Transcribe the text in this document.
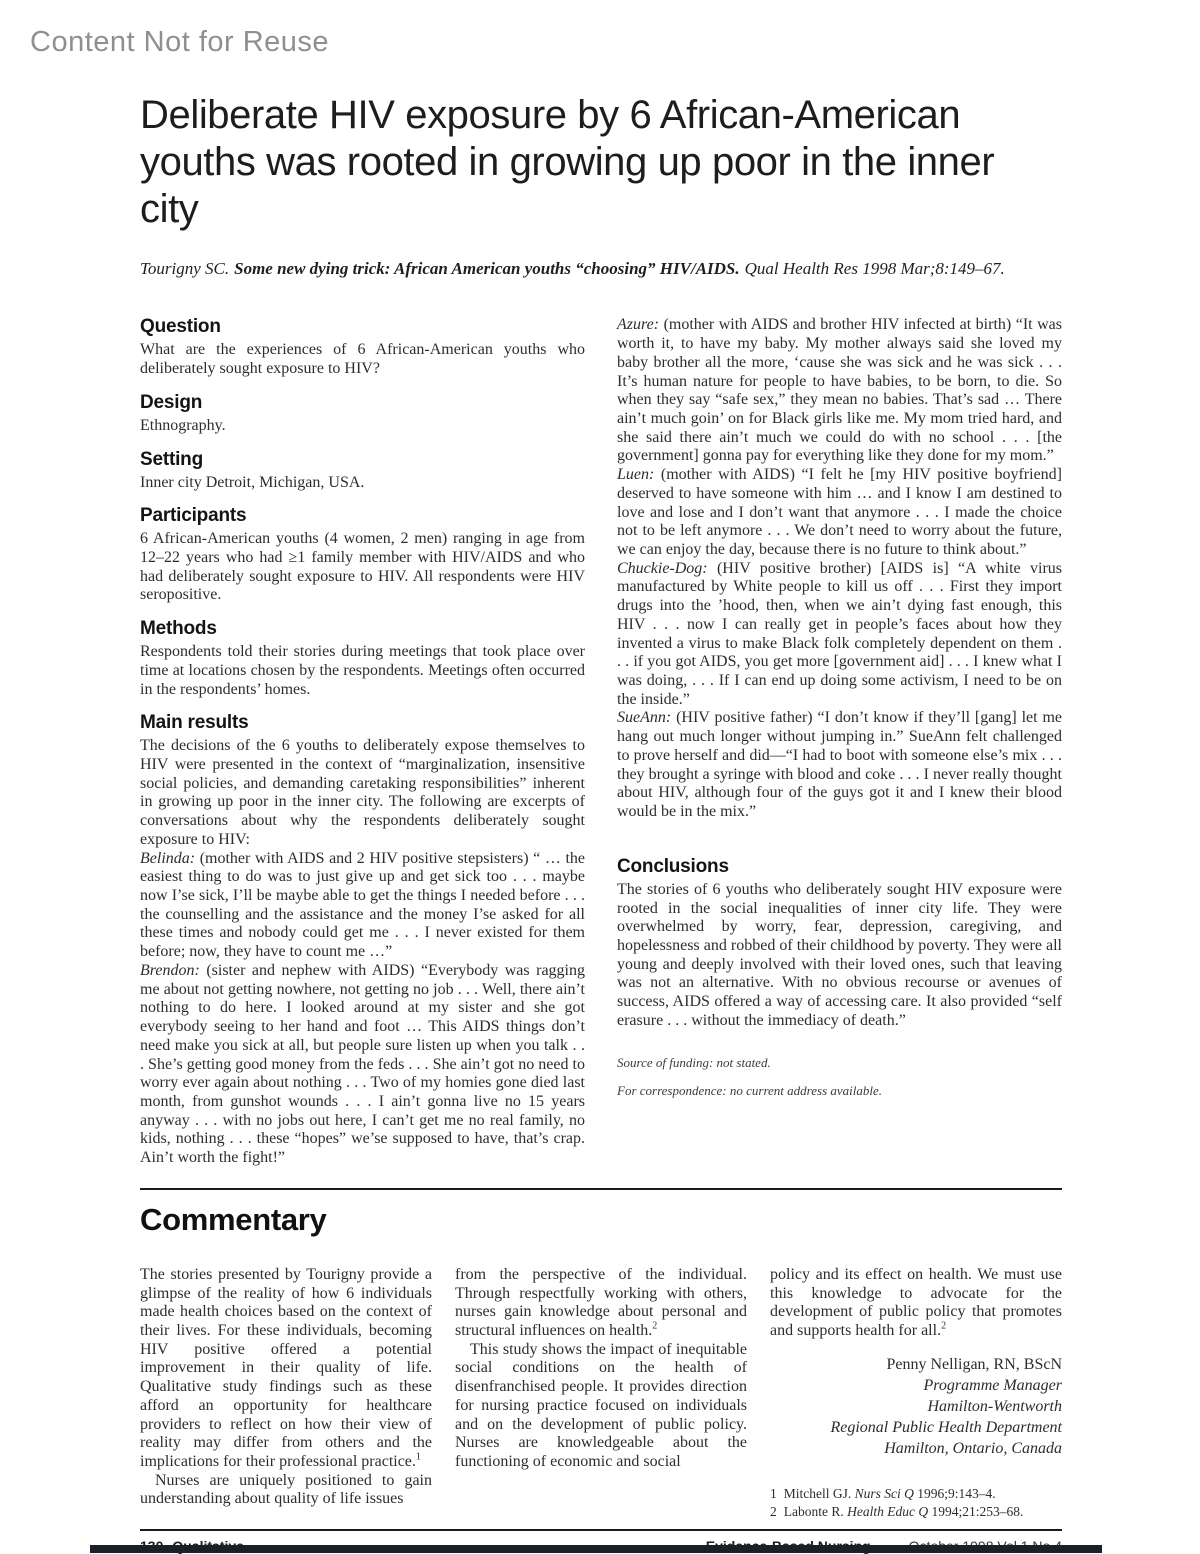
Content Not for Reuse
Deliberate HIV exposure by 6 African-American youths was rooted in growing up poor in the inner city

Tourigny SC. Some new dying trick: African American youths “choosing” HIV/AIDS. Qual Health Res 1998 Mar;8:149–67.

Question

What are the experiences of 6 African-American youths who deliberately sought exposure to HIV?

Design

Ethnography.

Setting

Inner city Detroit, Michigan, USA.

Participants

6 African-American youths (4 women, 2 men) ranging in age from 12–22 years who had ≥1 family member with HIV/AIDS and who had deliberately sought exposure to HIV. All respondents were HIV seropositive.

Methods

Respondents told their stories during meetings that took place over time at locations chosen by the respondents. Meetings often occurred in the respondents’ homes.

Main results

The decisions of the 6 youths to deliberately expose themselves to HIV were presented in the context of “marginalization, insensitive social policies, and demanding caretaking responsibilities” inherent in growing up poor in the inner city. The following are excerpts of conversations about why the respondents deliberately sought exposure to HIV:

Belinda: (mother with AIDS and 2 HIV positive stepsisters) “ … the easiest thing to do was to just give up and get sick too . . . maybe now I’se sick, I’ll be maybe able to get the things I needed before . . . the counselling and the assistance and the money I’se asked for all these times and nobody could get me . . . I never existed for them before; now, they have to count me …”

Brendon: (sister and nephew with AIDS) “Everybody was ragging me about not getting nowhere, not getting no job . . . Well, there ain’t nothing to do here. I looked around at my sister and she got everybody seeing to her hand and foot … This AIDS things don’t need make you sick at all, but people sure listen up when you talk . . . She’s getting good money from the feds . . . She ain’t got no need to worry ever again about nothing . . . Two of my homies gone died last month, from gunshot wounds . . . I ain’t gonna live no 15 years anyway . . . with no jobs out here, I can’t get me no real family, no kids, nothing . . . these “hopes” we’se supposed to have, that’s crap. Ain’t worth the fight!”

Azure: (mother with AIDS and brother HIV infected at birth) “It was worth it, to have my baby. My mother always said she loved my baby brother all the more, ‘cause she was sick and he was sick . . . It’s human nature for people to have babies, to be born, to die. So when they say “safe sex,” they mean no babies. That’s sad … There ain’t much goin’ on for Black girls like me. My mom tried hard, and she said there ain’t much we could do with no school . . . [the government] gonna pay for everything like they done for my mom.”

Luen: (mother with AIDS) “I felt he [my HIV positive boyfriend] deserved to have someone with him … and I know I am destined to love and lose and I don’t want that anymore . . . I made the choice not to be left anymore . . . We don’t need to worry about the future, we can enjoy the day, because there is no future to think about.”

Chuckie-Dog: (HIV positive brother) [AIDS is] “A white virus manufactured by White people to kill us off . . . First they import drugs into the ’hood, then, when we ain’t dying fast enough, this HIV . . . now I can really get in people’s faces about how they invented a virus to make Black folk completely dependent on them . . . if you got AIDS, you get more [government aid] . . . I knew what I was doing, . . . If I can end up doing some activism, I need to be on the inside.”

SueAnn: (HIV positive father) “I don’t know if they’ll [gang] let me hang out much longer without jumping in.” SueAnn felt challenged to prove herself and did—“I had to boot with someone else’s mix . . . they brought a syringe with blood and coke . . . I never really thought about HIV, although four of the guys got it and I knew their blood would be in the mix.”

Conclusions

The stories of 6 youths who deliberately sought HIV exposure were rooted in the social inequalities of inner city life. They were overwhelmed by worry, fear, depression, caregiving, and hopelessness and robbed of their childhood by poverty. They were all young and deeply involved with their loved ones, such that leaving was not an alternative. With no obvious recourse or avenues of success, AIDS offered a way of accessing care. It also provided “self erasure . . . without the immediacy of death.”

Source of funding: not stated.

For correspondence: no current address available.

Commentary

The stories presented by Tourigny provide a glimpse of the reality of how 6 individuals made health choices based on the context of their lives. For these individuals, becoming HIV positive offered a potential improvement in their quality of life. Qualitative study findings such as these afford an opportunity for healthcare providers to reflect on how their view of reality may differ from others and the implications for their professional practice.$^1$

Nurses are uniquely positioned to gain understanding about quality of life issues

from the perspective of the individual. Through respectfully working with others, nurses gain knowledge about personal and structural influences on health.$^2$

This study shows the impact of inequitable social conditions on the health of disenfranchised people. It provides direction for nursing practice focused on individuals and on the development of public policy. Nurses are knowledgeable about the functioning of economic and social

policy and its effect on health. We must use this knowledge to advocate for the development of public policy that promotes and supports health for all.$^2$

Penny Nelligan, RN, BScN
Programme Manager
Hamilton-Wentworth
Regional Public Health Department
Hamilton, Ontario, Canada
1 Mitchell GJ. Nurs Sci Q 1996;9:143–4.
2 Labonte R. Health Educ Q 1994;21:253–68.
